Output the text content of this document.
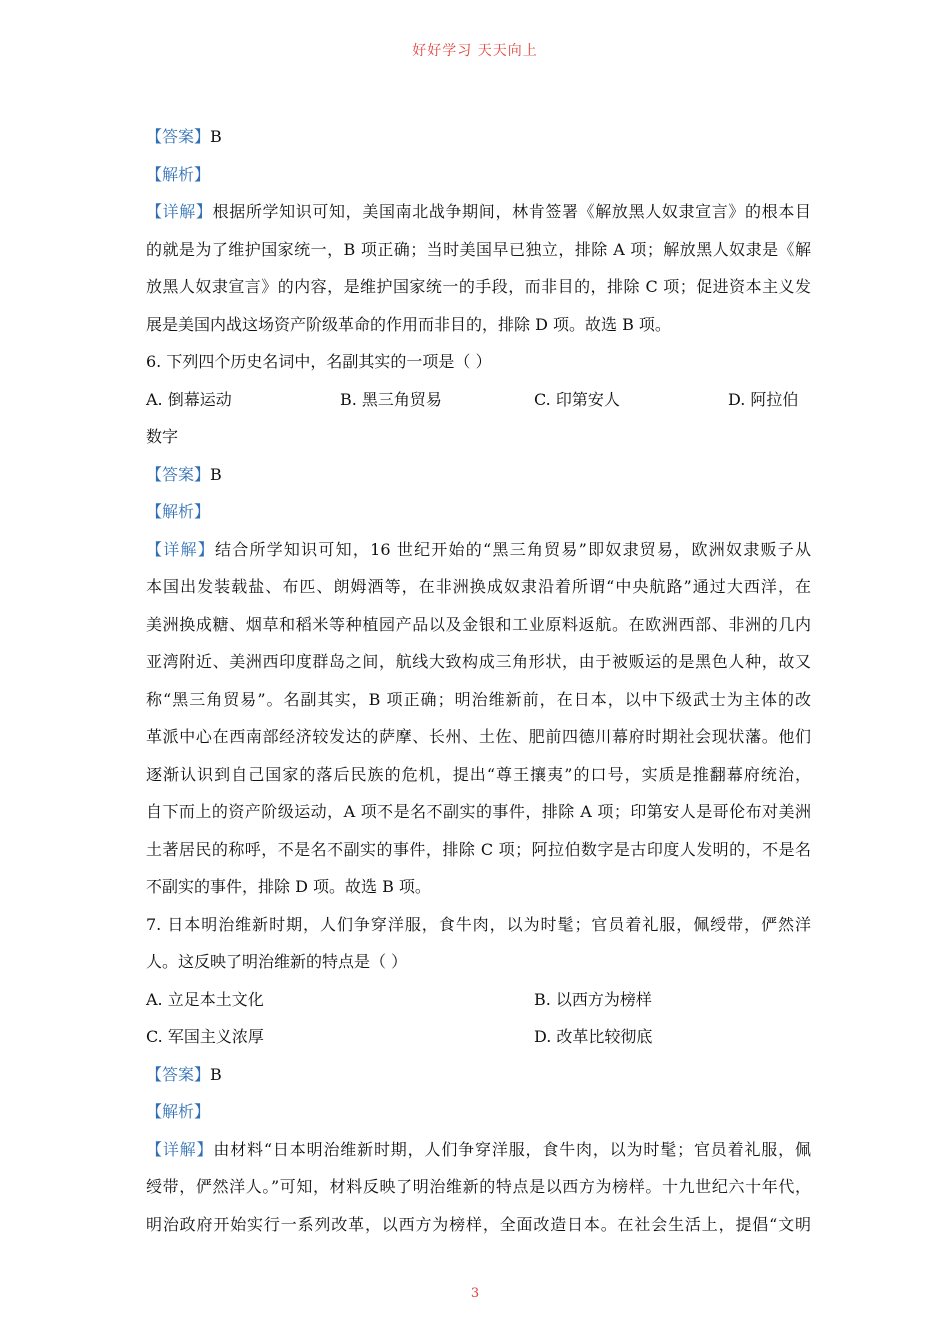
好好学习 天天向上
【答案】B
【解析】
【详解】根据所学知识可知，美国南北战争期间，林肯签署《解放黑人奴隶宣言》的根本目
的就是为了维护国家统一，B 项正确；当时美国早已独立，排除 A 项；解放黑人奴隶是《解
放黑人奴隶宣言》的内容，是维护国家统一的手段，而非目的，排除 C 项；促进资本主义发
展是美国内战这场资产阶级革命的作用而非目的，排除 D 项。故选 B 项。
6. 下列四个历史名词中，名副其实的一项是（ ）
A. 倒幕运动	B. 黑三角贸易	C. 印第安人	D. 阿拉伯
数字
【答案】B
【解析】
【详解】结合所学知识可知，16 世纪开始的“黑三角贸易”即奴隶贸易，欧洲奴隶贩子从
本国出发装载盐、布匹、朗姆酒等，在非洲换成奴隶沿着所谓“中央航路”通过大西洋，在
美洲换成糖、烟草和稻米等种植园产品以及金银和工业原料返航。在欧洲西部、非洲的几内
亚湾附近、美洲西印度群岛之间，航线大致构成三角形状，由于被贩运的是黑色人种，故又
称“黑三角贸易”。名副其实，B 项正确；明治维新前，在日本，以中下级武士为主体的改
革派中心在西南部经济较发达的萨摩、长州、土佐、肥前四德川幕府时期社会现状藩。他们
逐渐认识到自己国家的落后民族的危机，提出“尊王攘夷”的口号，实质是推翻幕府统治，
自下而上的资产阶级运动，A 项不是名不副实的事件，排除 A 项；印第安人是哥伦布对美洲
土著居民的称呼，不是名不副实的事件，排除 C 项；阿拉伯数字是古印度人发明的，不是名
不副实的事件，排除 D 项。故选 B 项。
7. 日本明治维新时期，人们争穿洋服，食牛肉，以为时髦；官员着礼服，佩绶带，俨然洋
人。这反映了明治维新的特点是（ ）
A. 立足本土文化	B. 以西方为榜样
C. 军国主义浓厚	D. 改革比较彻底
【答案】B
【解析】
【详解】由材料“日本明治维新时期，人们争穿洋服，食牛肉，以为时髦；官员着礼服，佩
绶带，俨然洋人。”可知，材料反映了明治维新的特点是以西方为榜样。十九世纪六十年代，
明治政府开始实行一系列改革，以西方为榜样，全面改造日本。在社会生活上，提倡“文明
3
